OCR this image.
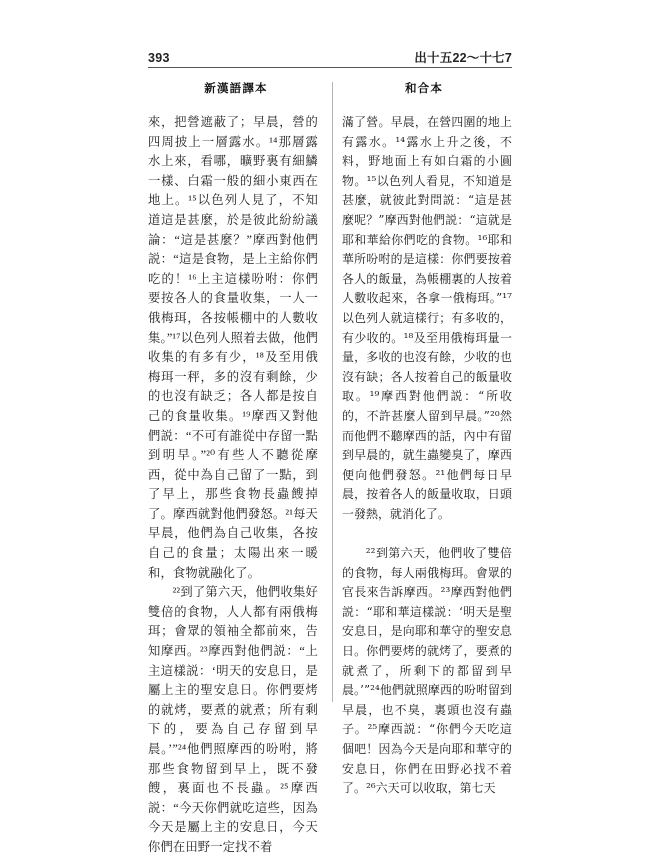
393	出十五22～十七7
新漢語譯本	和合本

來，把營遮蔽了；早晨，營的四周披上一層露水。¹⁴那層露水上來，看哪，曠野裏有細鱗一樣、白霜一般的細小東西在地上。¹⁵以色列人見了，不知道這是甚麼，於是彼此紛紛議論：“這是甚麼？”摩西對他們説：“這是食物，是上主給你們吃的！¹⁶上主這樣吩咐：你們要按各人的食量收集，一人一俄梅珥，各按帳棚中的人數收集。”¹⁷以色列人照着去做，他們收集的有多有少，¹⁸及至用俄梅珥一秤，多的沒有剩餘，少的也沒有缺乏；各人都是按自己的食量收集。¹⁹摩西又對他們説：“不可有誰從中存留一點到明早。”²⁰有些人不聽從摩西，從中為自己留了一點，到了早上，那些食物長蟲餿掉了。摩西就對他們發怒。²¹每天早晨，他們為自己收集，各按自己的食量；太陽出來一暖和，食物就融化了。

²²到了第六天，他們收集好雙倍的食物，人人都有兩俄梅珥；會眾的領袖全都前來，告知摩西。²³摩西對他們説：“上主這樣説：‘明天的安息日，是屬上主的聖安息日。你們要烤的就烤，要煮的就煮；所有剩下的，要為自己存留到早晨。’”²⁴他們照摩西的吩咐，將那些食物留到早上，既不發餿，裏面也不長蟲。²⁵摩西説：“今天你們就吃這些，因為今天是屬上主的安息日，今天你們在田野一定找不着

滿了營。早晨，在營四圍的地上有露水。¹⁴露水上升之後，不料，野地面上有如白霜的小圓物。¹⁵以色列人看見，不知道是甚麼，就彼此對問説：“這是甚麼呢？”摩西對他們説：“這就是耶和華給你們吃的食物。¹⁶耶和華所吩咐的是這樣：你們要按着各人的飯量，為帳棚裏的人按着人數收起來，各拿一俄梅珥。”¹⁷以色列人就這樣行；有多收的，有少收的。¹⁸及至用俄梅珥量一量，多收的也沒有餘，少收的也沒有缺；各人按着自己的飯量收取。¹⁹摩西對他們説：“所收的，不許甚麼人留到早晨。”²⁰然而他們不聽摩西的話，內中有留到早晨的，就生蟲變臭了，摩西便向他們發怒。²¹他們每日早晨，按着各人的飯量收取，日頭一發熱，就消化了。

²²到第六天，他們收了雙倍的食物，每人兩俄梅珥。會眾的官長來告訴摩西。²³摩西對他們説：“耶和華這樣説：‘明天是聖安息日，是向耶和華守的聖安息日。你們要烤的就烤了，要煮的就煮了，所剩下的都留到早晨。’”²⁴他們就照摩西的吩咐留到早晨，也不臭，裏頭也沒有蟲子。²⁵摩西説：“你們今天吃這個吧！因為今天是向耶和華守的安息日，你們在田野必找不着了。²⁶六天可以收取，第七天
